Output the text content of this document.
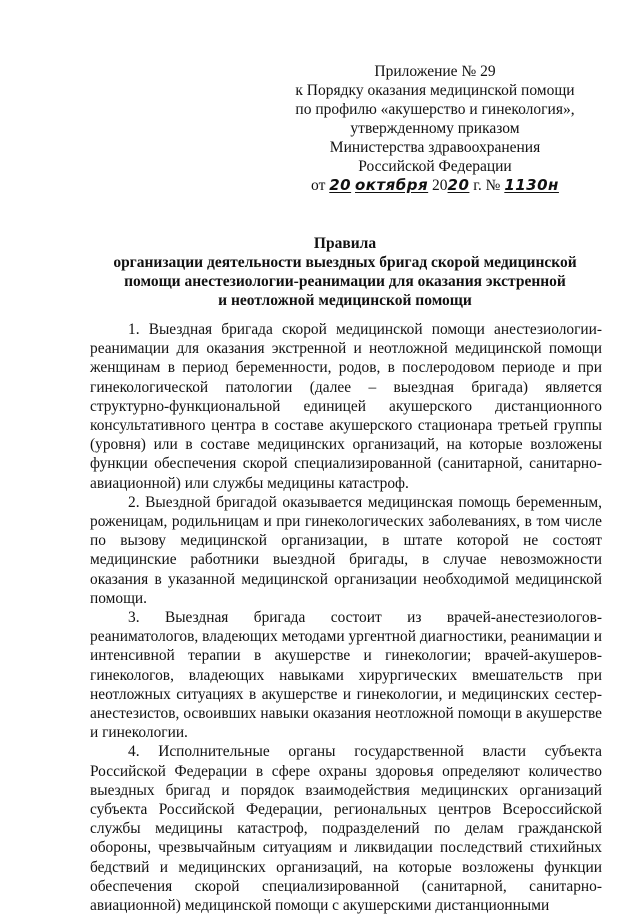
Приложение № 29
к Порядку оказания медицинской помощи
по профилю «акушерство и гинекология»,
утвержденному приказом
Министерства здравоохранения
Российской Федерации
от 20 октября 2020 г. № 1130н
Правила
организации деятельности выездных бригад скорой медицинской
помощи анестезиологии-реанимации для оказания экстренной
и неотложной медицинской помощи

1. Выездная бригада скорой медицинской помощи анестезиологии-реанимации для оказания экстренной и неотложной медицинской помощи женщинам в период беременности, родов, в послеродовом периоде и при гинекологической патологии (далее – выездная бригада) является структурно-функциональной единицей акушерского дистанционного консультативного центра в составе акушерского стационара третьей группы (уровня) или в составе медицинских организаций, на которые возложены функции обеспечения скорой специализированной (санитарной, санитарно-авиационной) или службы медицины катастроф.

2. Выездной бригадой оказывается медицинская помощь беременным, роженицам, родильницам и при гинекологических заболеваниях, в том числе по вызову медицинской организации, в штате которой не состоят медицинские работники выездной бригады, в случае невозможности оказания в указанной медицинской организации необходимой медицинской помощи.

3. Выездная бригада состоит из врачей-анестезиологов-реаниматологов, владеющих методами ургентной диагностики, реанимации и интенсивной терапии в акушерстве и гинекологии; врачей-акушеров-гинекологов, владеющих навыками хирургических вмешательств при неотложных ситуациях в акушерстве и гинекологии, и медицинских сестер-анестезистов, освоивших навыки оказания неотложной помощи в акушерстве и гинекологии.

4. Исполнительные органы государственной власти субъекта Российской Федерации в сфере охраны здоровья определяют количество выездных бригад и порядок взаимодействия медицинских организаций субъекта Российской Федерации, региональных центров Всероссийской службы медицины катастроф, подразделений по делам гражданской обороны, чрезвычайным ситуациям и ликвидации последствий стихийных бедствий и медицинских организаций, на которые возложены функции обеспечения скорой специализированной (санитарной, санитарно-авиационной) медицинской помощи с акушерскими дистанционными
